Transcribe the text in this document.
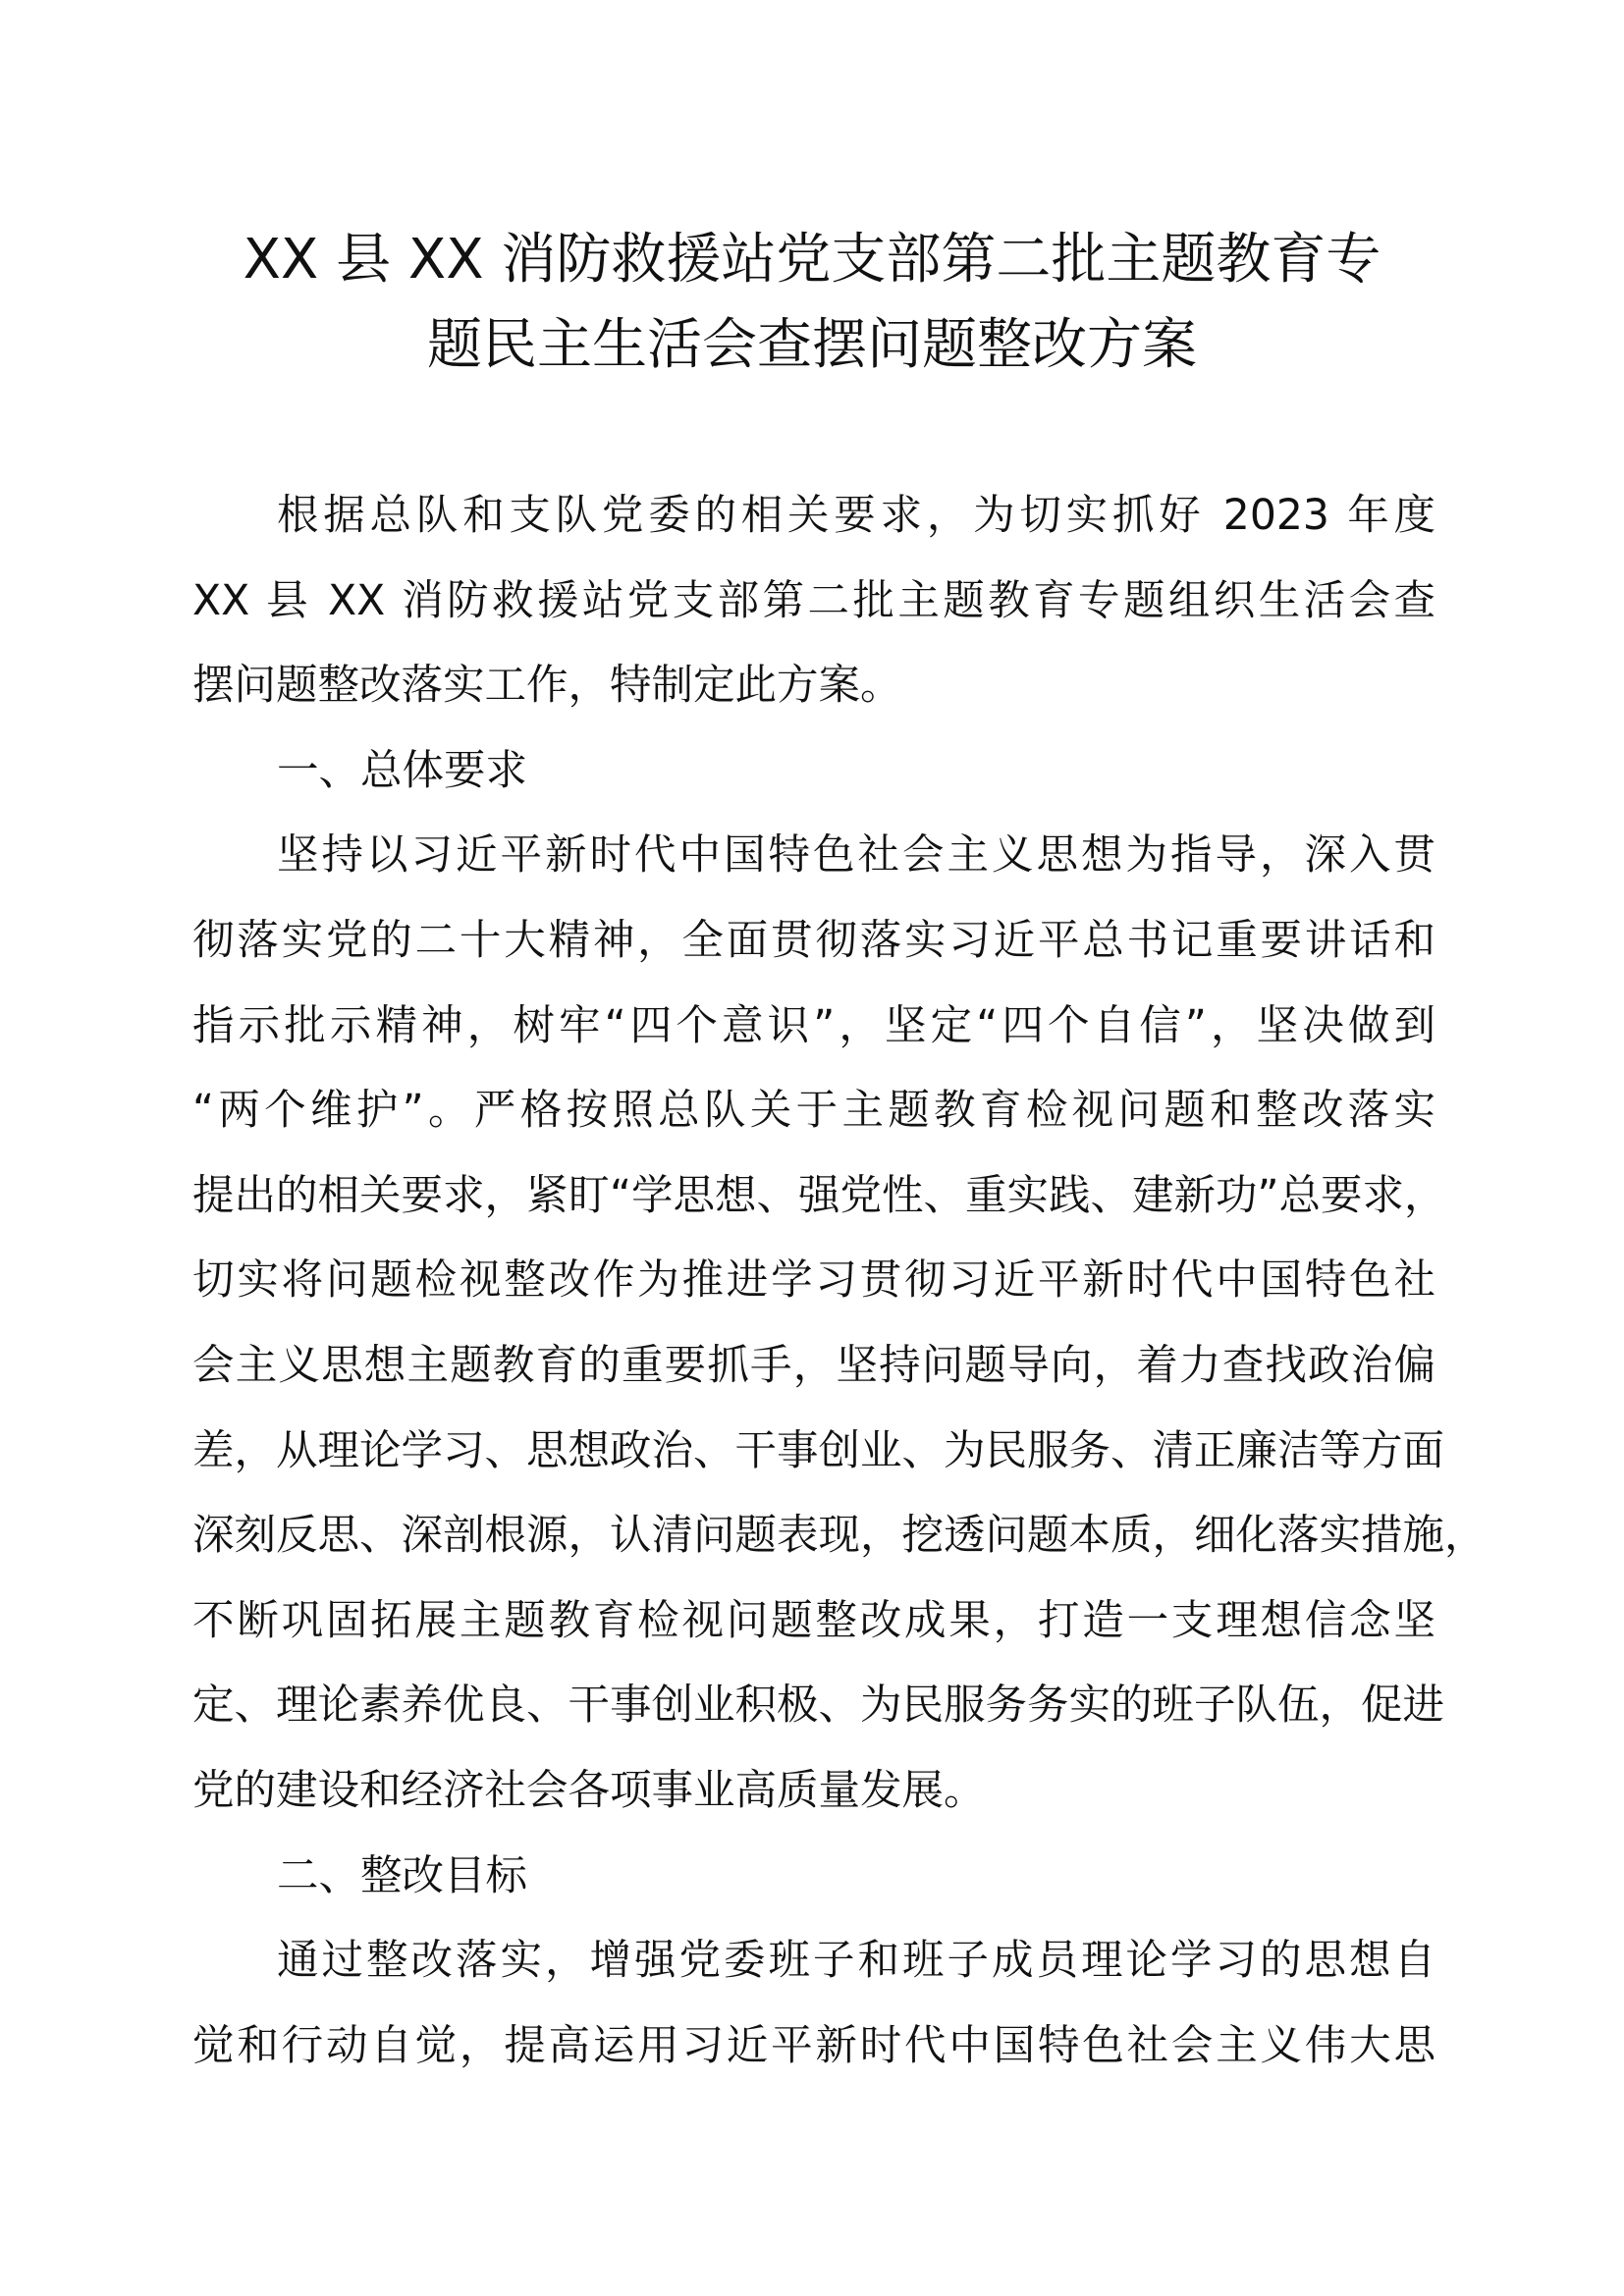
XX 县 XX 消防救援站党支部第二批主题教育专
题民主生活会查摆问题整改方案
根据总队和支队党委的相关要求，为切实抓好 2023 年度
XX 县 XX 消防救援站党支部第二批主题教育专题组织生活会查
摆问题整改落实工作，特制定此方案。
一、总体要求
坚持以习近平新时代中国特色社会主义思想为指导，深入贯
彻落实党的二十大精神，全面贯彻落实习近平总书记重要讲话和
指示批示精神，树牢“四个意识”，坚定“四个自信”，坚决做到
“两个维护”。严格按照总队关于主题教育检视问题和整改落实
提出的相关要求，紧盯“学思想、强党性、重实践、建新功”总要求，
切实将问题检视整改作为推进学习贯彻习近平新时代中国特色社
会主义思想主题教育的重要抓手，坚持问题导向，着力查找政治偏
差，从理论学习、思想政治、干事创业、为民服务、清正廉洁等方面
深刻反思、深剖根源，认清问题表现，挖透问题本质，细化落实措施，
不断巩固拓展主题教育检视问题整改成果，打造一支理想信念坚
定、理论素养优良、干事创业积极、为民服务务实的班子队伍，促进
党的建设和经济社会各项事业高质量发展。
二、整改目标
通过整改落实，增强党委班子和班子成员理论学习的思想自
觉和行动自觉，提高运用习近平新时代中国特色社会主义伟大思
